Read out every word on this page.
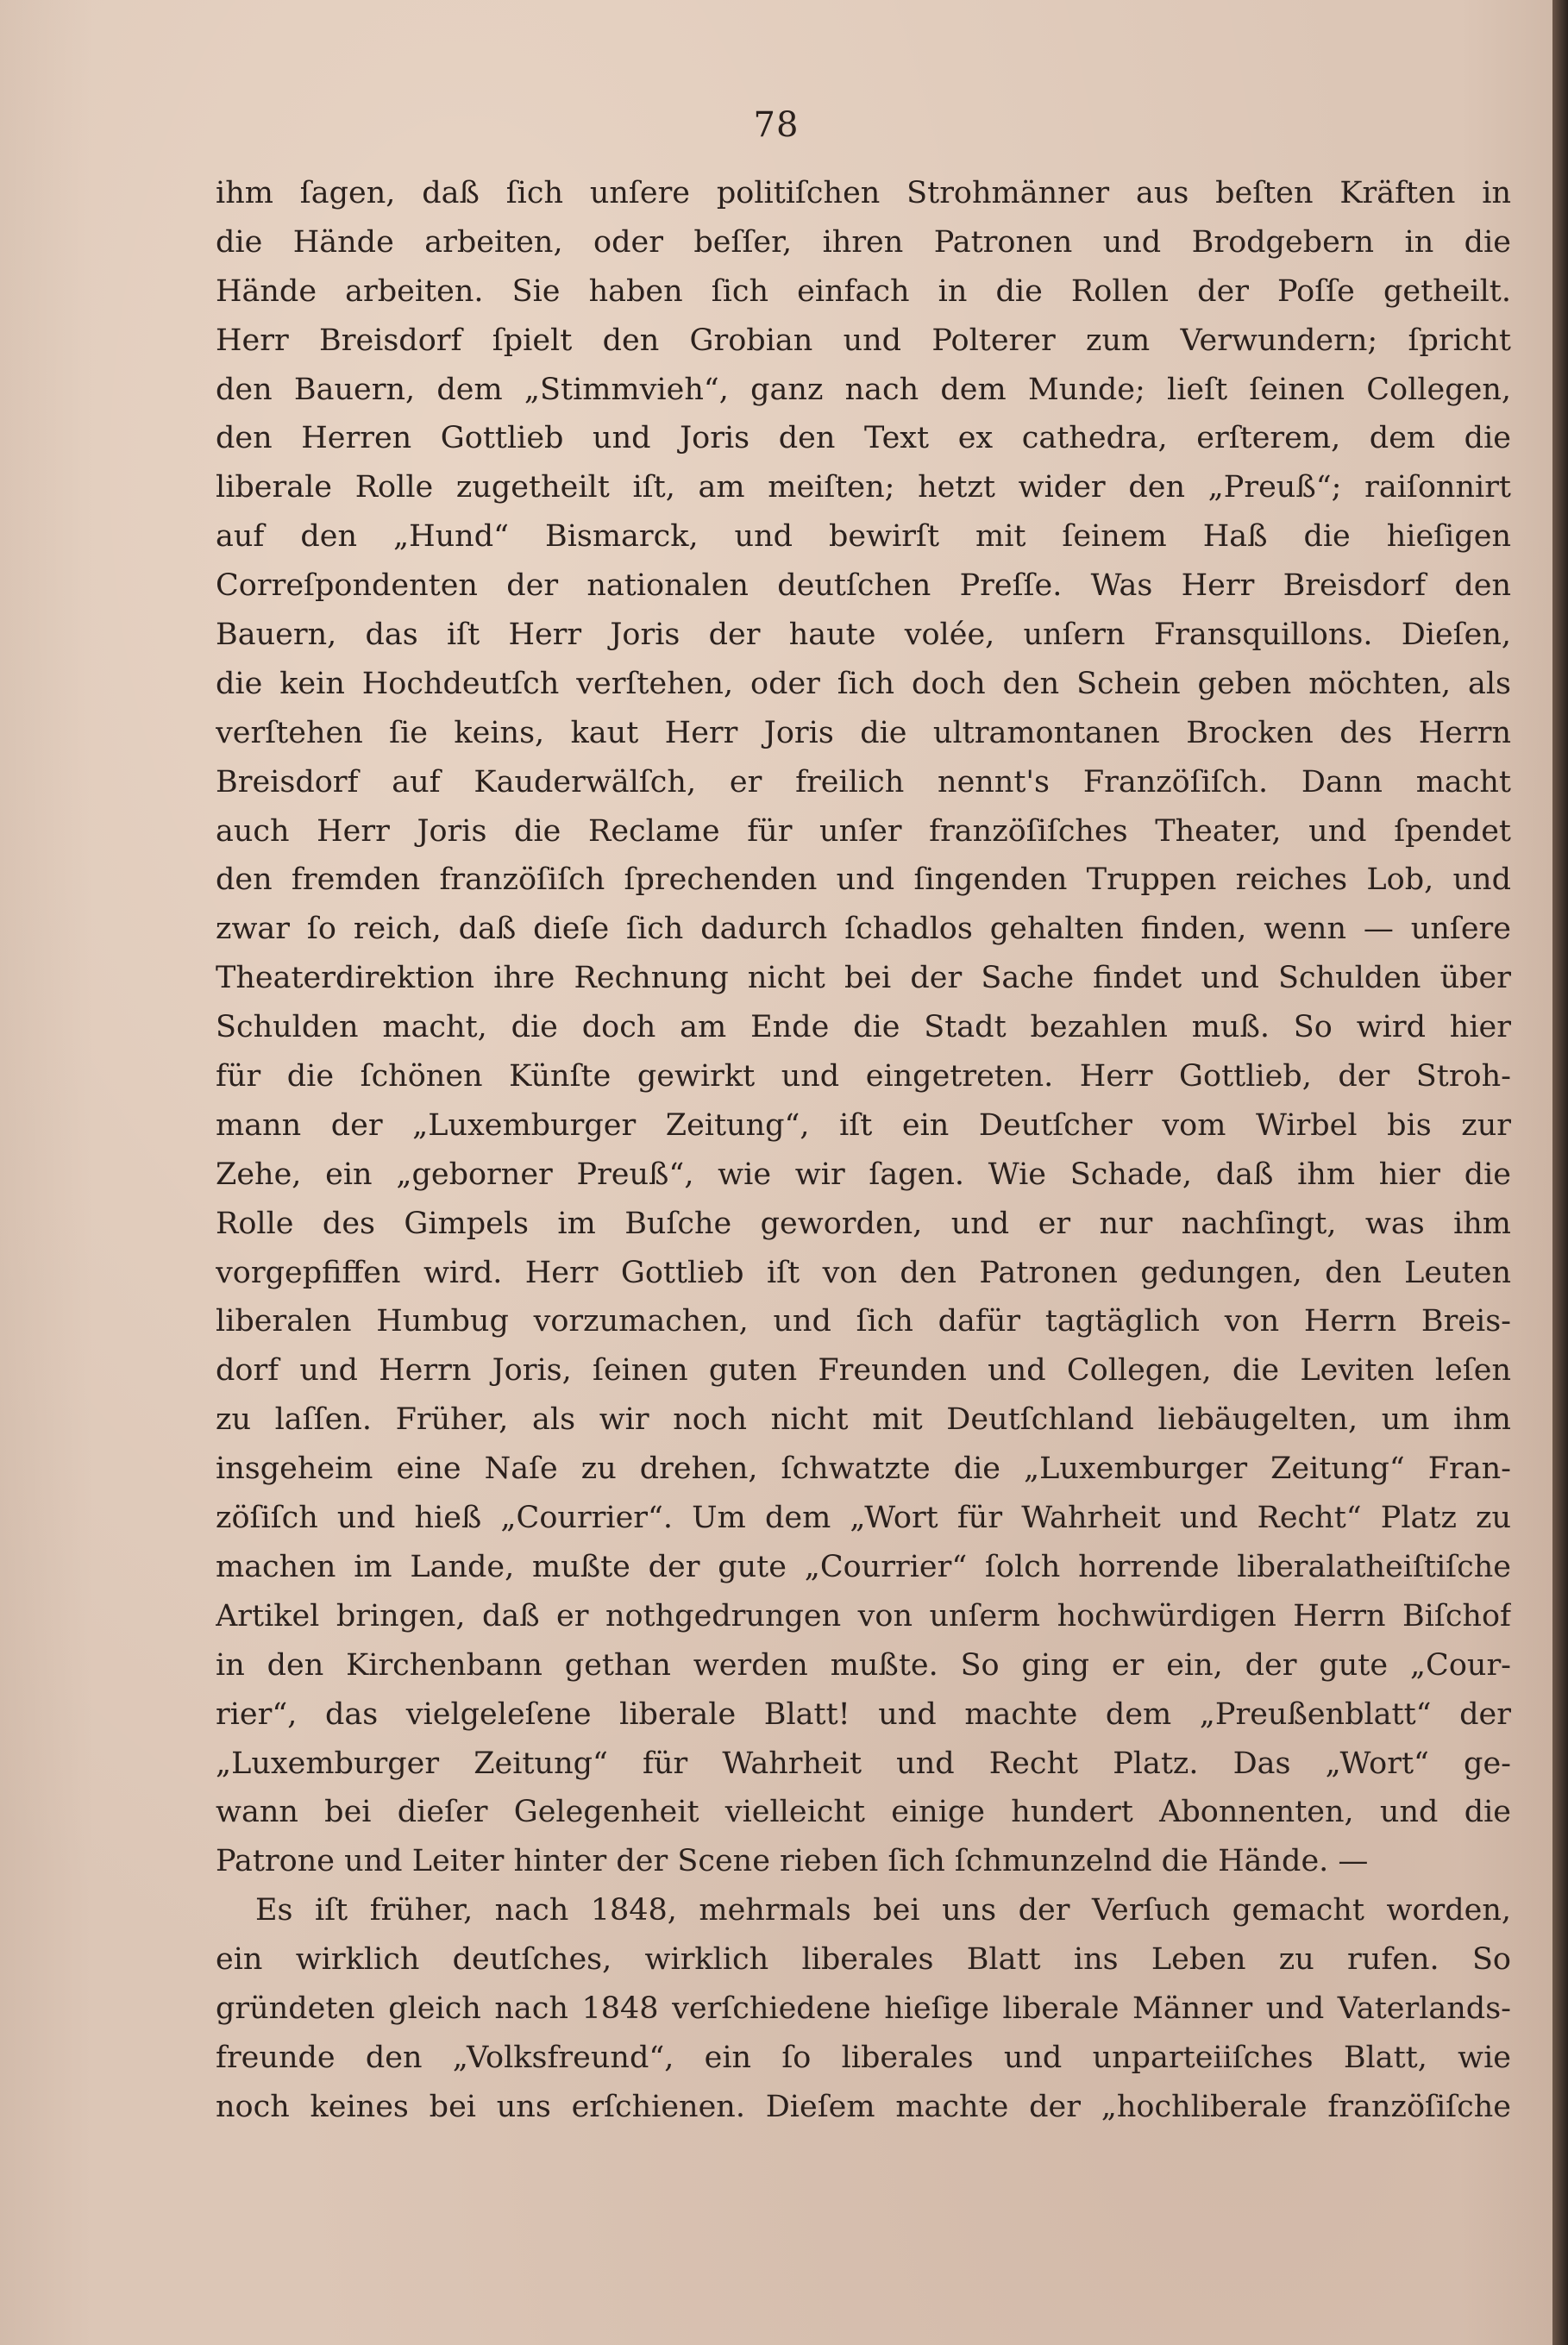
78
ihm ſagen, daß ſich unſere politiſchen Strohmänner aus beſten Kräften in
die Hände arbeiten, oder beſſer, ihren Patronen und Brodgebern in die
Hände arbeiten. Sie haben ſich einfach in die Rollen der Poſſe getheilt.
Herr Breisdorf ſpielt den Grobian und Polterer zum Verwundern; ſpricht
den Bauern, dem „Stimmvieh“, ganz nach dem Munde; lieſt ſeinen Collegen,
den Herren Gottlieb und Joris den Text ex cathedra, erſterem, dem die
liberale Rolle zugetheilt iſt, am meiſten; hetzt wider den „Preuß“; raiſonnirt
auf den „Hund“ Bismarck, und bewirſt mit ſeinem Haß die hieſigen
Correſpondenten der nationalen deutſchen Preſſe. Was Herr Breisdorf den
Bauern, das iſt Herr Joris der haute volée, unſern Fransquillons. Dieſen,
die kein Hochdeutſch verſtehen, oder ſich doch den Schein geben möchten, als
verſtehen ſie keins, kaut Herr Joris die ultramontanen Brocken des Herrn
Breisdorf auf Kauderwälſch, er freilich nennt's Franzöſiſch. Dann macht
auch Herr Joris die Reclame für unſer franzöſiſches Theater, und ſpendet
den fremden franzöſiſch ſprechenden und ſingenden Truppen reiches Lob, und
zwar ſo reich, daß dieſe ſich dadurch ſchadlos gehalten finden, wenn — unſere
Theaterdirektion ihre Rechnung nicht bei der Sache findet und Schulden über
Schulden macht, die doch am Ende die Stadt bezahlen muß. So wird hier
für die ſchönen Künſte gewirkt und eingetreten. Herr Gottlieb, der Stroh-
mann der „Luxemburger Zeitung“, iſt ein Deutſcher vom Wirbel bis zur
Zehe, ein „geborner Preuß“, wie wir ſagen. Wie Schade, daß ihm hier die
Rolle des Gimpels im Buſche geworden, und er nur nachſingt, was ihm
vorgepfiffen wird. Herr Gottlieb iſt von den Patronen gedungen, den Leuten
liberalen Humbug vorzumachen, und ſich dafür tagtäglich von Herrn Breis-
dorf und Herrn Joris, ſeinen guten Freunden und Collegen, die Leviten leſen
zu laſſen. Früher, als wir noch nicht mit Deutſchland liebäugelten, um ihm
insgeheim eine Naſe zu drehen, ſchwatzte die „Luxemburger Zeitung“ Fran-
zöſiſch und hieß „Courrier“. Um dem „Wort für Wahrheit und Recht“ Platz zu
machen im Lande, mußte der gute „Courrier“ ſolch horrende liberalatheiſtiſche
Artikel bringen, daß er nothgedrungen von unſerm hochwürdigen Herrn Biſchof
in den Kirchenbann gethan werden mußte. So ging er ein, der gute „Cour-
rier“, das vielgeleſene liberale Blatt! und machte dem „Preußenblatt“ der
„Luxemburger Zeitung“ für Wahrheit und Recht Platz. Das „Wort“ ge-
wann bei dieſer Gelegenheit vielleicht einige hundert Abonnenten, und die
Patrone und Leiter hinter der Scene rieben ſich ſchmunzelnd die Hände. —
Es iſt früher, nach 1848, mehrmals bei uns der Verſuch gemacht worden,
ein wirklich deutſches, wirklich liberales Blatt ins Leben zu rufen. So
gründeten gleich nach 1848 verſchiedene hieſige liberale Männer und Vaterlands-
freunde den „Volksfreund“, ein ſo liberales und unparteiiſches Blatt, wie
noch keines bei uns erſchienen. Dieſem machte der „hochliberale franzöſiſche
